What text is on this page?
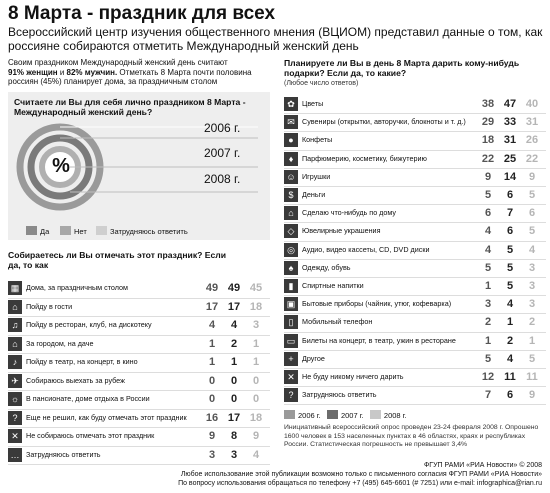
8 Марта - праздник для всех
Всероссийский центр изучения общественного мнения (ВЦИОМ) представил данные о том, как россияне собираются отметить Международный женский день
Своим праздником Международный женский день считают
91% женщин и 82% мужчин. Отметкать 8 Марта почти половина
россиян (45%) планирует дома, за праздничным столом
Считаете ли Вы для себя лично праздником 8 Марта - Международный женский день?
%
2006 г.
2007 г.
2008 г.
Да	Нет	Затрудняюсь ответить
Собираетесь ли Вы отмечать этот праздник? Если да, то как
▦ Дома, за праздничным столом	49 49 45
⌂	Пойду в гости	17 17 18
♫	Пойду в ресторан, клуб, на дискотеку	4	4	3
⌂	За городом, на даче	1	2	1
♪	Пойду в театр, на концерт, в кино	1	1	1
✈	Собираюсь выехать за рубеж	0	0	0
☼ В пансионате, доме отдыха в России	0	0	0
?	Еще не решил, как буду отмечать этот праздник	16 17 18
✕	Не собираюсь отмечать этот праздник	9	8	9
… Затрудняюсь ответить	3	3	4
Планируете ли Вы в день 8 Марта дарить кому-нибудь подарки? Если да, то какие?
(Любое число ответов)
✿	Цветы	38 47 40
✉	Сувениры (открытки, авторучки, блокноты и т. д.)	29 33 31
●	Конфеты	18 31 26
♦	Парфюмерию, косметику, бижутерию	22 25 22
☺ Игрушки	9	14	9
$	Деньги	5	6	5
⌂	Сделаю что-нибудь по дому	6	7	6
◇	Ювелирные украшения	4	6	5
◎ Аудио, видео кассеты, CD, DVD диски	4	5	4
♠	Одежду, обувь	5	5	3
▮	Спиртные напитки	1	5	3
▣ Бытовые приборы (чайник, утюг, кофеварка)	3	4	3
▯	Мобильный телефон	2	1	2
▭ Билеты на концерт, в театр, ужин в ресторане	1	2	1
+	Другое	5	4	5
✕	Не буду никому ничего дарить	12 11 11
?	Затрудняюсь ответить	7	6	9
2006 г.	2007 г.	2008 г.
Инициативный всероссийский опрос проведен 23-24 февраля 2008 г. Опрошено
1600 человек в 153 населенных пунктах в 46 областях, краях и республиках
России. Статистическая погрешность не превышает 3,4%
ФГУП РАМИ «РИА Новости» © 2008
Любое использование этой публикации возможно только с письменного согласия ФГУП РАМИ «РИА Новости»
По вопросу использования обращаться по телефону +7 (495) 645-6601 (# 7251) или e-mail: infographica@rian.ru
